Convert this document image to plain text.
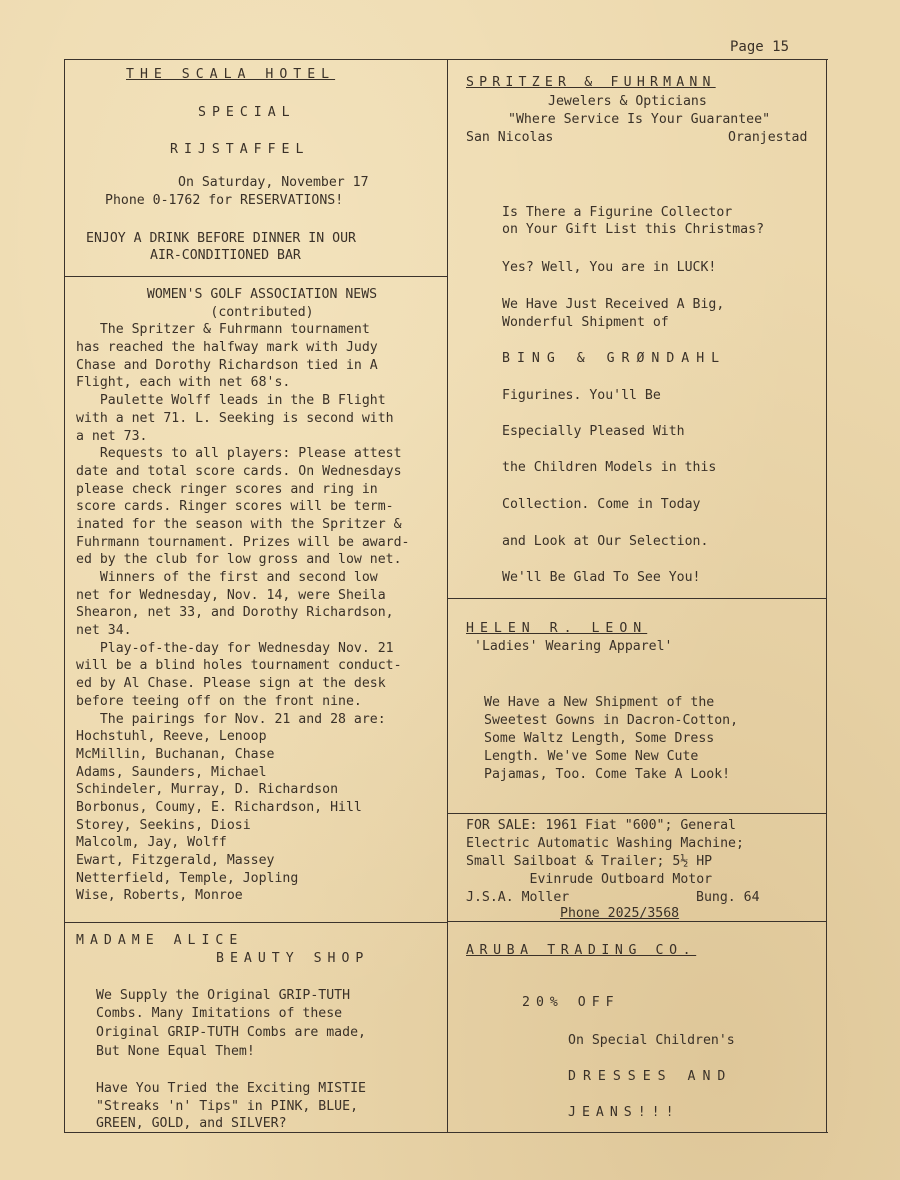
Page 15
THE SCALA HOTEL
SPECIAL
RIJSTAFFEL
On Saturday, November 17
Phone 0-1762 for RESERVATIONS!
ENJOY A DRINK BEFORE DINNER IN OUR
AIR-CONDITIONED BAR
WOMEN'S GOLF ASSOCIATION NEWS
(contributed)
The Spritzer & Fuhrmann tournament
has reached the halfway mark with Judy
Chase and Dorothy Richardson tied in A
Flight, each with net 68's.
Paulette Wolff leads in the B Flight
with a net 71. L. Seeking is second with
a net 73.
Requests to all players: Please attest
date and total score cards. On Wednesdays
please check ringer scores and ring in
score cards. Ringer scores will be term-
inated for the season with the Spritzer &
Fuhrmann tournament. Prizes will be award-
ed by the club for low gross and low net.
Winners of the first and second low
net for Wednesday, Nov. 14, were Sheila
Shearon, net 33, and Dorothy Richardson,
net 34.
Play-of-the-day for Wednesday Nov. 21
will be a blind holes tournament conduct-
ed by Al Chase. Please sign at the desk
before teeing off on the front nine.
The pairings for Nov. 21 and 28 are:
Hochstuhl, Reeve, Lenoop
McMillin, Buchanan, Chase
Adams, Saunders, Michael
Schindeler, Murray, D. Richardson
Borbonus, Coumy, E. Richardson, Hill
Storey, Seekins, Diosi
Malcolm, Jay, Wolff
Ewart, Fitzgerald, Massey
Netterfield, Temple, Jopling
Wise, Roberts, Monroe
MADAME ALICE
BEAUTY SHOP
We Supply the Original GRIP-TUTH
Combs. Many Imitations of these
Original GRIP-TUTH Combs are made,
But None Equal Them!
Have You Tried the Exciting MISTIE
"Streaks 'n' Tips" in PINK, BLUE,
GREEN, GOLD, and SILVER?
SPRITZER & FUHRMANN
Jewelers & Opticians
"Where Service Is Your Guarantee"
San Nicolas	Oranjestad
Is There a Figurine Collector
on Your Gift List this Christmas?
Yes? Well, You are in LUCK!
We Have Just Received A Big,
Wonderful Shipment of
BING & GRØNDAHL
Figurines. You'll Be
Especially Pleased With
the Children Models in this
Collection. Come in Today
and Look at Our Selection.
We'll Be Glad To See You!
HELEN R. LEON
'Ladies' Wearing Apparel'
We Have a New Shipment of the
Sweetest Gowns in Dacron-Cotton,
Some Waltz Length, Some Dress
Length. We've Some New Cute
Pajamas, Too. Come Take A Look!
FOR SALE: 1961 Fiat "600"; General
Electric Automatic Washing Machine;
Small Sailboat & Trailer; 5½ HP
Evinrude Outboard Motor
J.S.A. Moller	Bung. 64
Phone 2025/3568
ARUBA TRADING CO.
20% OFF
On Special Children's
DRESSES AND
JEANS!!!
